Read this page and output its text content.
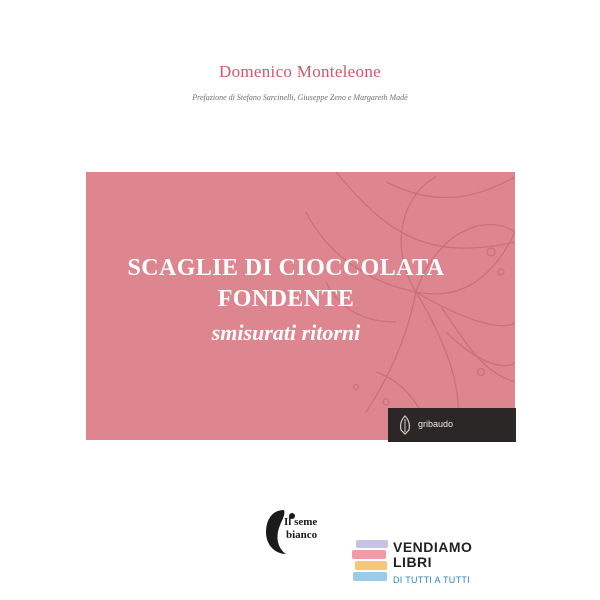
Domenico Monteleone
Prefazione di Stefano Sarcinelli, Giuseppe Zeno e Margareth Madè
SCAGLIE DI CIOCCOLATA
FONDENTE
smisurati ritorni
gribaudo
Il seme
bianco
VENDIAMO
LIBRI
DI TUTTI A TUTTI
